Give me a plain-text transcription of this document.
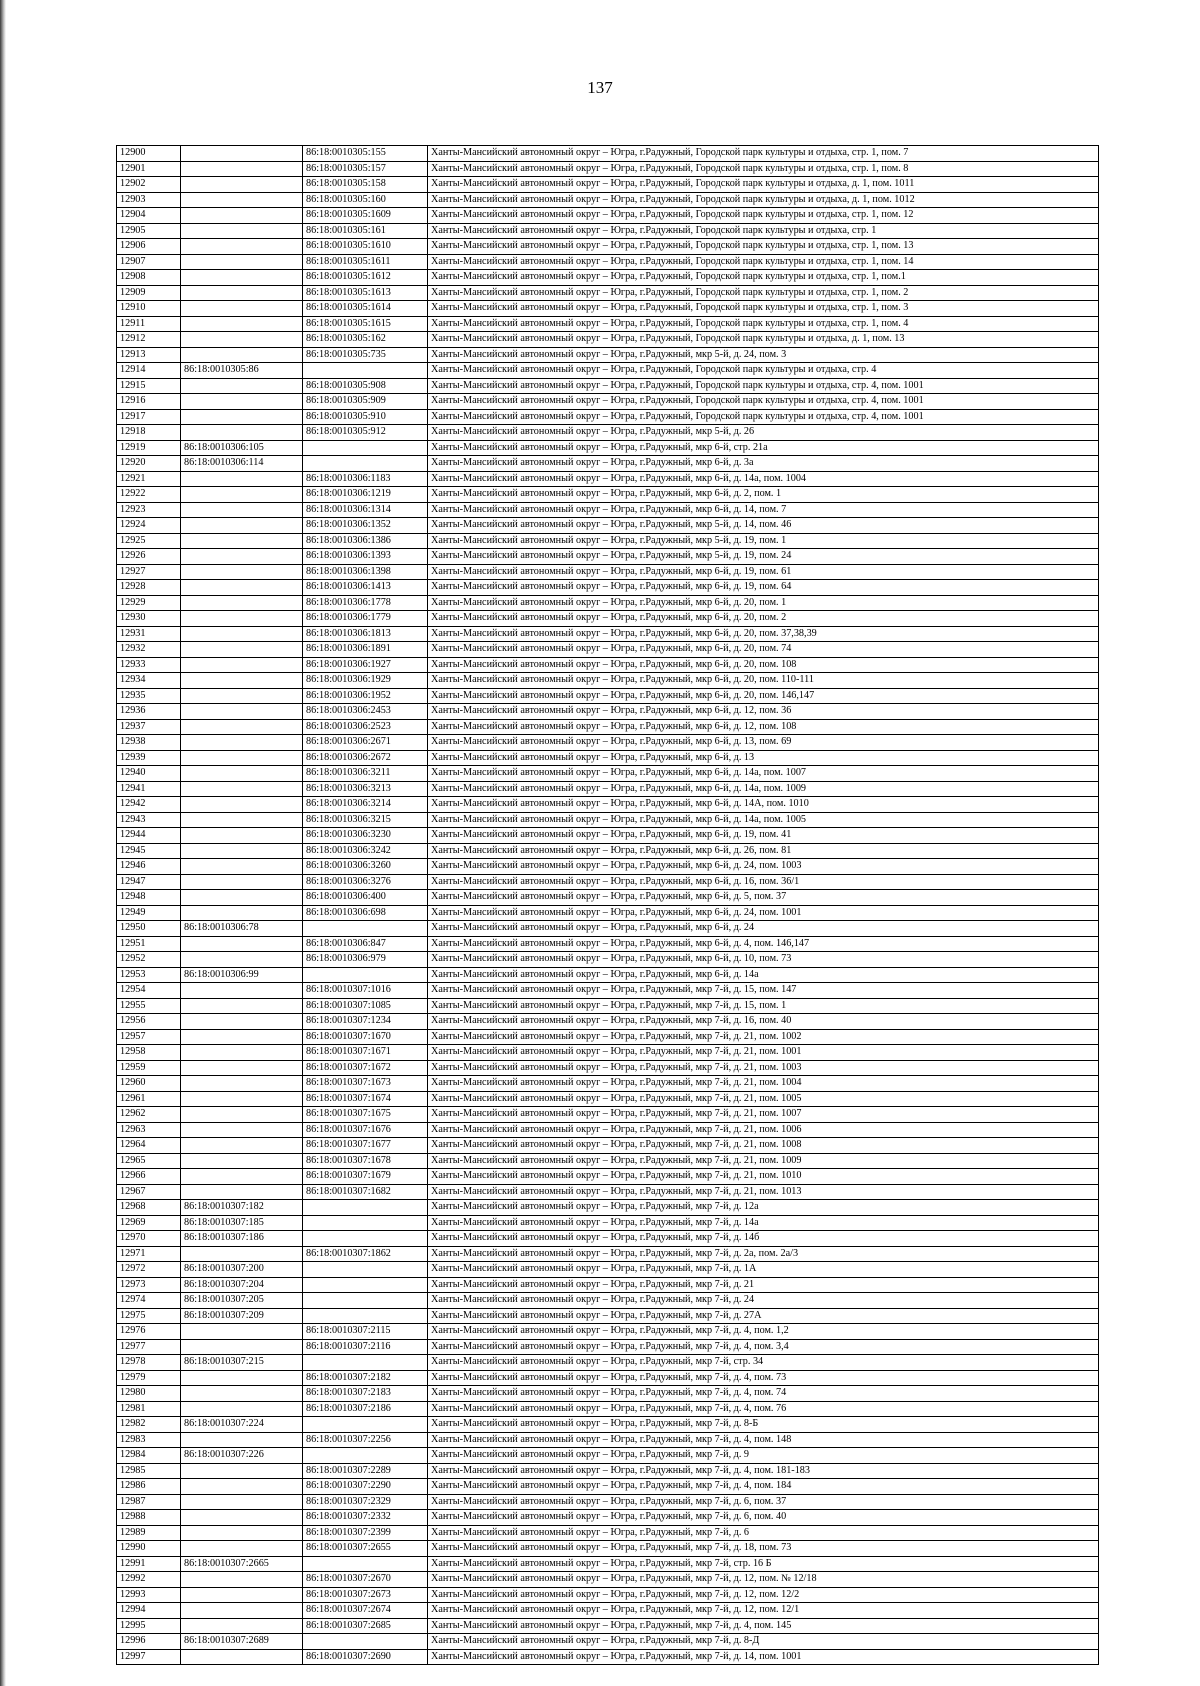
137
12900		86:18:0010305:155	Ханты-Мансийский автономный округ – Югра, г.Радужный, Городской парк культуры и отдыха, стр. 1, пом. 7
12901		86:18:0010305:157	Ханты-Мансийский автономный округ – Югра, г.Радужный, Городской парк культуры и отдыха, стр. 1, пом. 8
12902		86:18:0010305:158	Ханты-Мансийский автономный округ – Югра, г.Радужный, Городской парк культуры и отдыха, д. 1, пом. 1011
12903		86:18:0010305:160	Ханты-Мансийский автономный округ – Югра, г.Радужный, Городской парк культуры и отдыха, д. 1, пом. 1012
12904		86:18:0010305:1609	Ханты-Мансийский автономный округ – Югра, г.Радужный, Городской парк культуры и отдыха, стр. 1, пом. 12
12905		86:18:0010305:161	Ханты-Мансийский автономный округ – Югра, г.Радужный, Городской парк культуры и отдыха, стр. 1
12906		86:18:0010305:1610	Ханты-Мансийский автономный округ – Югра, г.Радужный, Городской парк культуры и отдыха, стр. 1, пом. 13
12907		86:18:0010305:1611	Ханты-Мансийский автономный округ – Югра, г.Радужный, Городской парк культуры и отдыха, стр. 1, пом. 14
12908		86:18:0010305:1612	Ханты-Мансийский автономный округ – Югра, г.Радужный, Городской парк культуры и отдыха, стр. 1, пом.1
12909		86:18:0010305:1613	Ханты-Мансийский автономный округ – Югра, г.Радужный, Городской парк культуры и отдыха, стр. 1, пом. 2
12910		86:18:0010305:1614	Ханты-Мансийский автономный округ – Югра, г.Радужный, Городской парк культуры и отдыха, стр. 1, пом. 3
12911		86:18:0010305:1615	Ханты-Мансийский автономный округ – Югра, г.Радужный, Городской парк культуры и отдыха, стр. 1, пом. 4
12912		86:18:0010305:162	Ханты-Мансийский автономный округ – Югра, г.Радужный, Городской парк культуры и отдыха, д. 1, пом. 13
12913		86:18:0010305:735	Ханты-Мансийский автономный округ – Югра, г.Радужный, мкр 5-й, д. 24, пом. 3
12914	86:18:0010305:86		Ханты-Мансийский автономный округ – Югра, г.Радужный, Городской парк культуры и отдыха, стр. 4
12915		86:18:0010305:908	Ханты-Мансийский автономный округ – Югра, г.Радужный, Городской парк культуры и отдыха, стр. 4, пом. 1001
12916		86:18:0010305:909	Ханты-Мансийский автономный округ – Югра, г.Радужный, Городской парк культуры и отдыха, стр. 4, пом. 1001
12917		86:18:0010305:910	Ханты-Мансийский автономный округ – Югра, г.Радужный, Городской парк культуры и отдыха, стр. 4, пом. 1001
12918		86:18:0010305:912	Ханты-Мансийский автономный округ – Югра, г.Радужный, мкр 5-й, д. 26
12919	86:18:0010306:105		Ханты-Мансийский автономный округ – Югра, г.Радужный, мкр 6-й, стр. 21а
12920	86:18:0010306:114		Ханты-Мансийский автономный округ – Югра, г.Радужный, мкр 6-й, д. 3а
12921		86:18:0010306:1183	Ханты-Мансийский автономный округ – Югра, г.Радужный, мкр 6-й, д. 14а, пом. 1004
12922		86:18:0010306:1219	Ханты-Мансийский автономный округ – Югра, г.Радужный, мкр 6-й, д. 2, пом. 1
12923		86:18:0010306:1314	Ханты-Мансийский автономный округ – Югра, г.Радужный, мкр 6-й, д. 14, пом. 7
12924		86:18:0010306:1352	Ханты-Мансийский автономный округ – Югра, г.Радужный, мкр 5-й, д. 14, пом. 46
12925		86:18:0010306:1386	Ханты-Мансийский автономный округ – Югра, г.Радужный, мкр 5-й, д. 19, пом. 1
12926		86:18:0010306:1393	Ханты-Мансийский автономный округ – Югра, г.Радужный, мкр 5-й, д. 19, пом. 24
12927		86:18:0010306:1398	Ханты-Мансийский автономный округ – Югра, г.Радужный, мкр 6-й, д. 19, пом. 61
12928		86:18:0010306:1413	Ханты-Мансийский автономный округ – Югра, г.Радужный, мкр 6-й, д. 19, пом. 64
12929		86:18:0010306:1778	Ханты-Мансийский автономный округ – Югра, г.Радужный, мкр 6-й, д. 20, пом. 1
12930		86:18:0010306:1779	Ханты-Мансийский автономный округ – Югра, г.Радужный, мкр 6-й, д. 20, пом. 2
12931		86:18:0010306:1813	Ханты-Мансийский автономный округ – Югра, г.Радужный, мкр 6-й, д. 20, пом. 37,38,39
12932		86:18:0010306:1891	Ханты-Мансийский автономный округ – Югра, г.Радужный, мкр 6-й, д. 20, пом. 74
12933		86:18:0010306:1927	Ханты-Мансийский автономный округ – Югра, г.Радужный, мкр 6-й, д. 20, пом. 108
12934		86:18:0010306:1929	Ханты-Мансийский автономный округ – Югра, г.Радужный, мкр 6-й, д. 20, пом. 110-111
12935		86:18:0010306:1952	Ханты-Мансийский автономный округ – Югра, г.Радужный, мкр 6-й, д. 20, пом. 146,147
12936		86:18:0010306:2453	Ханты-Мансийский автономный округ – Югра, г.Радужный, мкр 6-й, д. 12, пом. 36
12937		86:18:0010306:2523	Ханты-Мансийский автономный округ – Югра, г.Радужный, мкр 6-й, д. 12, пом. 108
12938		86:18:0010306:2671	Ханты-Мансийский автономный округ – Югра, г.Радужный, мкр 6-й, д. 13, пом. 69
12939		86:18:0010306:2672	Ханты-Мансийский автономный округ – Югра, г.Радужный, мкр 6-й, д. 13
12940		86:18:0010306:3211	Ханты-Мансийский автономный округ – Югра, г.Радужный, мкр 6-й, д. 14а, пом. 1007
12941		86:18:0010306:3213	Ханты-Мансийский автономный округ – Югра, г.Радужный, мкр 6-й, д. 14а, пом. 1009
12942		86:18:0010306:3214	Ханты-Мансийский автономный округ – Югра, г.Радужный, мкр 6-й, д. 14А, пом. 1010
12943		86:18:0010306:3215	Ханты-Мансийский автономный округ – Югра, г.Радужный, мкр 6-й, д. 14а, пом. 1005
12944		86:18:0010306:3230	Ханты-Мансийский автономный округ – Югра, г.Радужный, мкр 6-й, д. 19, пом. 41
12945		86:18:0010306:3242	Ханты-Мансийский автономный округ – Югра, г.Радужный, мкр 6-й, д. 26, пом. 81
12946		86:18:0010306:3260	Ханты-Мансийский автономный округ – Югра, г.Радужный, мкр 6-й, д. 24, пом. 1003
12947		86:18:0010306:3276	Ханты-Мансийский автономный округ – Югра, г.Радужный, мкр 6-й, д. 16, пом. 36/1
12948		86:18:0010306:400	Ханты-Мансийский автономный округ – Югра, г.Радужный, мкр 6-й, д. 5, пом. 37
12949		86:18:0010306:698	Ханты-Мансийский автономный округ – Югра, г.Радужный, мкр 6-й, д. 24, пом. 1001
12950	86:18:0010306:78		Ханты-Мансийский автономный округ – Югра, г.Радужный, мкр 6-й, д. 24
12951		86:18:0010306:847	Ханты-Мансийский автономный округ – Югра, г.Радужный, мкр 6-й, д. 4, пом. 146,147
12952		86:18:0010306:979	Ханты-Мансийский автономный округ – Югра, г.Радужный, мкр 6-й, д. 10, пом. 73
12953	86:18:0010306:99		Ханты-Мансийский автономный округ – Югра, г.Радужный, мкр 6-й, д. 14а
12954		86:18:0010307:1016	Ханты-Мансийский автономный округ – Югра, г.Радужный, мкр 7-й, д. 15, пом. 147
12955		86:18:0010307:1085	Ханты-Мансийский автономный округ – Югра, г.Радужный, мкр 7-й, д. 15, пом. 1
12956		86:18:0010307:1234	Ханты-Мансийский автономный округ – Югра, г.Радужный, мкр 7-й, д. 16, пом. 40
12957		86:18:0010307:1670	Ханты-Мансийский автономный округ – Югра, г.Радужный, мкр 7-й, д. 21, пом. 1002
12958		86:18:0010307:1671	Ханты-Мансийский автономный округ – Югра, г.Радужный, мкр 7-й, д. 21, пом. 1001
12959		86:18:0010307:1672	Ханты-Мансийский автономный округ – Югра, г.Радужный, мкр 7-й, д. 21, пом. 1003
12960		86:18:0010307:1673	Ханты-Мансийский автономный округ – Югра, г.Радужный, мкр 7-й, д. 21, пом. 1004
12961		86:18:0010307:1674	Ханты-Мансийский автономный округ – Югра, г.Радужный, мкр 7-й, д. 21, пом. 1005
12962		86:18:0010307:1675	Ханты-Мансийский автономный округ – Югра, г.Радужный, мкр 7-й, д. 21, пом. 1007
12963		86:18:0010307:1676	Ханты-Мансийский автономный округ – Югра, г.Радужный, мкр 7-й, д. 21, пом. 1006
12964		86:18:0010307:1677	Ханты-Мансийский автономный округ – Югра, г.Радужный, мкр 7-й, д. 21, пом. 1008
12965		86:18:0010307:1678	Ханты-Мансийский автономный округ – Югра, г.Радужный, мкр 7-й, д. 21, пом. 1009
12966		86:18:0010307:1679	Ханты-Мансийский автономный округ – Югра, г.Радужный, мкр 7-й, д. 21, пом. 1010
12967		86:18:0010307:1682	Ханты-Мансийский автономный округ – Югра, г.Радужный, мкр 7-й, д. 21, пом. 1013
12968	86:18:0010307:182		Ханты-Мансийский автономный округ – Югра, г.Радужный, мкр 7-й, д. 12а
12969	86:18:0010307:185		Ханты-Мансийский автономный округ – Югра, г.Радужный, мкр 7-й, д. 14а
12970	86:18:0010307:186		Ханты-Мансийский автономный округ – Югра, г.Радужный, мкр 7-й, д. 14б
12971		86:18:0010307:1862	Ханты-Мансийский автономный округ – Югра, г.Радужный, мкр 7-й, д. 2а, пом. 2а/3
12972	86:18:0010307:200		Ханты-Мансийский автономный округ – Югра, г.Радужный, мкр 7-й, д. 1А
12973	86:18:0010307:204		Ханты-Мансийский автономный округ – Югра, г.Радужный, мкр 7-й, д. 21
12974	86:18:0010307:205		Ханты-Мансийский автономный округ – Югра, г.Радужный, мкр 7-й, д. 24
12975	86:18:0010307:209		Ханты-Мансийский автономный округ – Югра, г.Радужный, мкр 7-й, д. 27А
12976		86:18:0010307:2115	Ханты-Мансийский автономный округ – Югра, г.Радужный, мкр 7-й, д. 4, пом. 1,2
12977		86:18:0010307:2116	Ханты-Мансийский автономный округ – Югра, г.Радужный, мкр 7-й, д. 4, пом. 3,4
12978	86:18:0010307:215		Ханты-Мансийский автономный округ – Югра, г.Радужный, мкр 7-й, стр. 34
12979		86:18:0010307:2182	Ханты-Мансийский автономный округ – Югра, г.Радужный, мкр 7-й, д. 4, пом. 73
12980		86:18:0010307:2183	Ханты-Мансийский автономный округ – Югра, г.Радужный, мкр 7-й, д. 4, пом. 74
12981		86:18:0010307:2186	Ханты-Мансийский автономный округ – Югра, г.Радужный, мкр 7-й, д. 4, пом. 76
12982	86:18:0010307:224		Ханты-Мансийский автономный округ – Югра, г.Радужный, мкр 7-й, д. 8-Б
12983		86:18:0010307:2256	Ханты-Мансийский автономный округ – Югра, г.Радужный, мкр 7-й, д. 4, пом. 148
12984	86:18:0010307:226		Ханты-Мансийский автономный округ – Югра, г.Радужный, мкр 7-й, д. 9
12985		86:18:0010307:2289	Ханты-Мансийский автономный округ – Югра, г.Радужный, мкр 7-й, д. 4, пом. 181-183
12986		86:18:0010307:2290	Ханты-Мансийский автономный округ – Югра, г.Радужный, мкр 7-й, д. 4, пом. 184
12987		86:18:0010307:2329	Ханты-Мансийский автономный округ – Югра, г.Радужный, мкр 7-й, д. 6, пом. 37
12988		86:18:0010307:2332	Ханты-Мансийский автономный округ – Югра, г.Радужный, мкр 7-й, д. 6, пом. 40
12989		86:18:0010307:2399	Ханты-Мансийский автономный округ – Югра, г.Радужный, мкр 7-й, д. 6
12990		86:18:0010307:2655	Ханты-Мансийский автономный округ – Югра, г.Радужный, мкр 7-й, д. 18, пом. 73
12991	86:18:0010307:2665		Ханты-Мансийский автономный округ – Югра, г.Радужный, мкр 7-й, стр. 16 Б
12992		86:18:0010307:2670	Ханты-Мансийский автономный округ – Югра, г.Радужный, мкр 7-й, д. 12, пом. № 12/18
12993		86:18:0010307:2673	Ханты-Мансийский автономный округ – Югра, г.Радужный, мкр 7-й, д. 12, пом. 12/2
12994		86:18:0010307:2674	Ханты-Мансийский автономный округ – Югра, г.Радужный, мкр 7-й, д. 12, пом. 12/1
12995		86:18:0010307:2685	Ханты-Мансийский автономный округ – Югра, г.Радужный, мкр 7-й, д. 4, пом. 145
12996	86:18:0010307:2689		Ханты-Мансийский автономный округ – Югра, г.Радужный, мкр 7-й, д. 8-Д
12997		86:18:0010307:2690	Ханты-Мансийский автономный округ – Югра, г.Радужный, мкр 7-й, д. 14, пом. 1001
